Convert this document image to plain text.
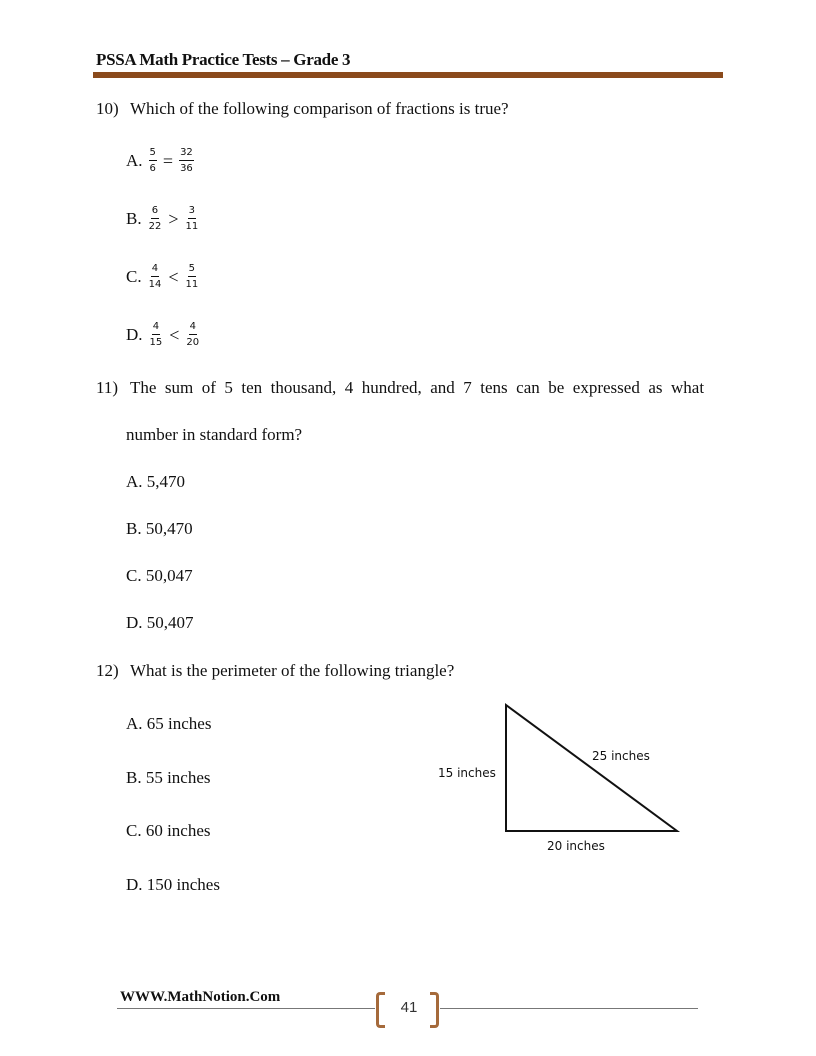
PSSA Math Practice Tests – Grade 3
10) Which of the following comparison of fractions is true?
A. $\frac{5}{6} = \frac{32}{36}$
B. $\frac{6}{22} > \frac{3}{11}$
C. $\frac{4}{14} < \frac{5}{11}$
D. $\frac{4}{15} < \frac{4}{20}$
11) The  sum  of  5  ten  thousand,  4  hundred,  and  7  tens  can  be  expressed  as  what
number in standard form?
A. 5,470
B. 50,470
C. 50,047
D. 50,407
12) What is the perimeter of the following triangle?
A. 65 inches
B. 55 inches
C. 60 inches
D. 150 inches
15 inches
25 inches
20 inches
WWW.MathNotion.Com
41
